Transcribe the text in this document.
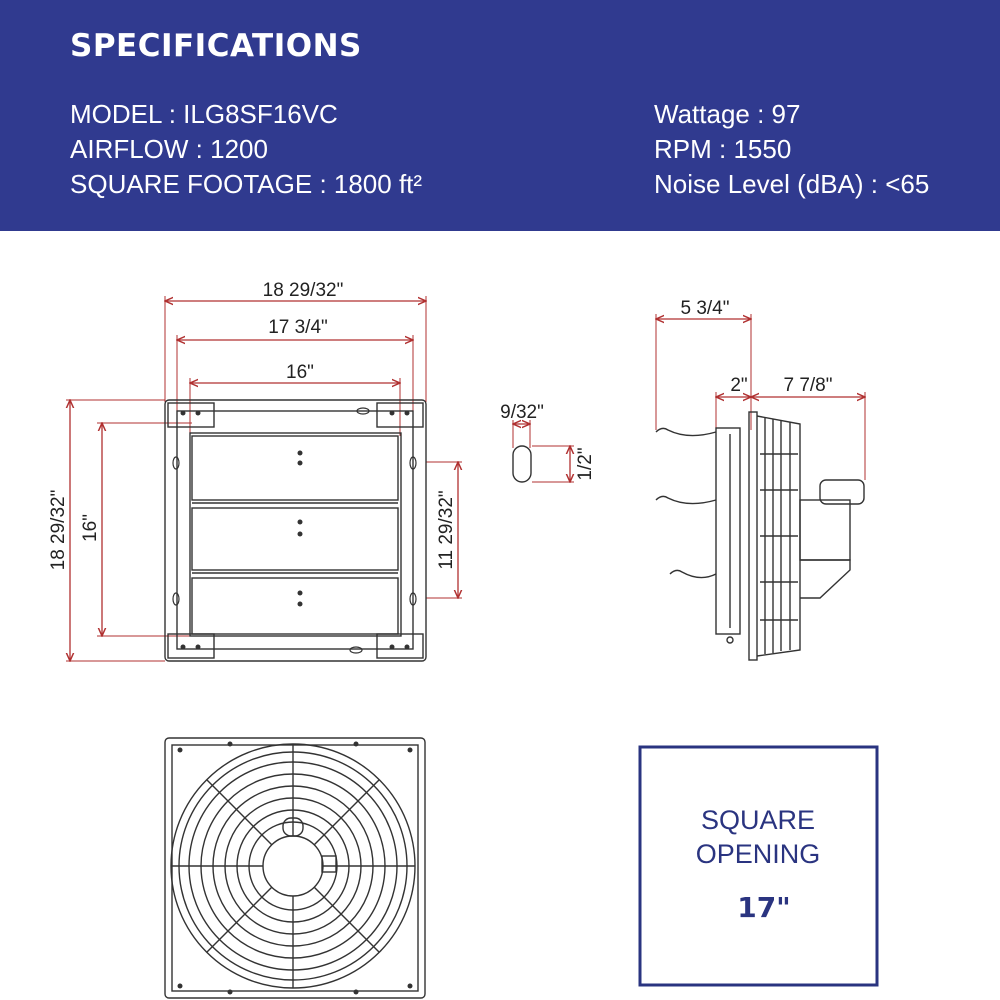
SPECIFICATIONS
MODEL : ILG8SF16VC
AIRFLOW : 1200
SQUARE FOOTAGE : 1800 ft²
Wattage : 97
RPM : 1550
Noise Level (dBA) : <65
18 29/32"
17 3/4"
16"
18 29/32" 16"	11 29/32"
9/32"
1/2"
5 3/4"
2" 7 7/8"
SQUARE
OPENING
17"
